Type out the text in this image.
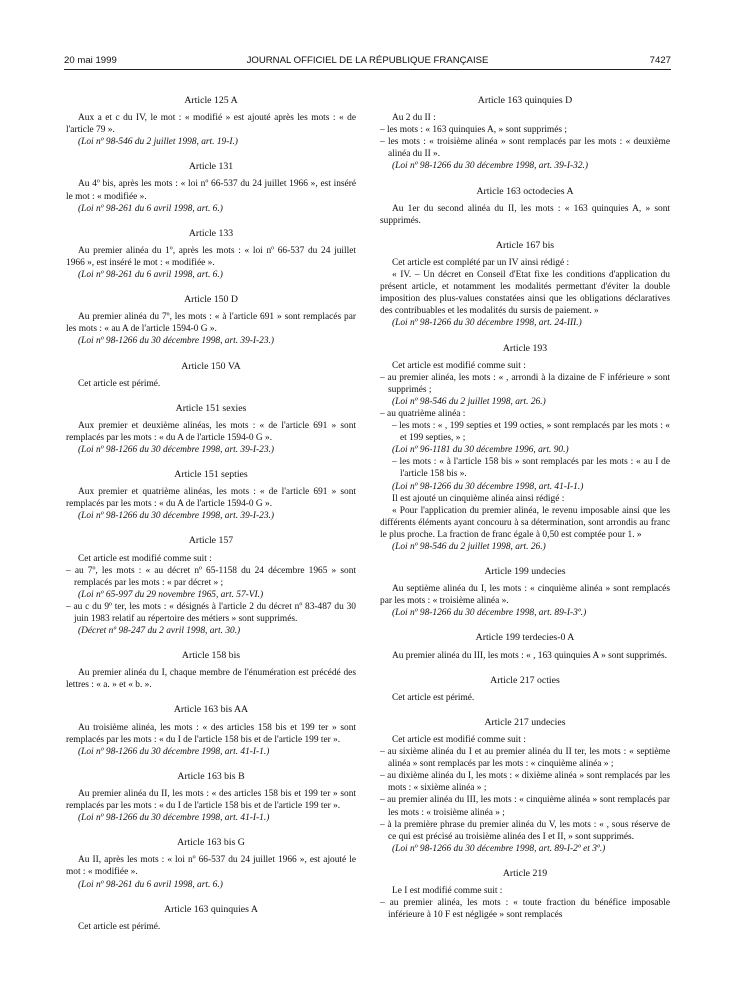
20 mai 1999	JOURNAL OFFICIEL DE LA RÉPUBLIQUE FRANÇAISE	7427
Article 125 A

Aux a et c du IV, le mot : « modifié » est ajouté après les mots : « de l'article 79 ».

(Loi nº 98-546 du 2 juillet 1998, art. 19-I.)

Article 131

Au 4º bis, après les mots : « loi nº 66-537 du 24 juillet 1966 », est inséré le mot : « modifiée ».

(Loi nº 98-261 du 6 avril 1998, art. 6.)

Article 133

Au premier alinéa du 1º, après les mots : « loi nº 66-537 du 24 juillet 1966 », est inséré le mot : « modifiée ».

(Loi nº 98-261 du 6 avril 1998, art. 6.)

Article 150 D

Au premier alinéa du 7º, les mots : « à l'article 691 » sont remplacés par les mots : « au A de l'article 1594-0 G ».

(Loi nº 98-1266 du 30 décembre 1998, art. 39-I-23.)

Article 150 VA

Cet article est périmé.

Article 151 sexies

Aux premier et deuxième alinéas, les mots : « de l'article 691 » sont remplacés par les mots : « du A de l'article 1594-0 G ».

(Loi nº 98-1266 du 30 décembre 1998, art. 39-I-23.)

Article 151 septies

Aux premier et quatrième alinéas, les mots : « de l'article 691 » sont remplacés par les mots : « du A de l'article 1594-0 G ».

(Loi nº 98-1266 du 30 décembre 1998, art. 39-I-23.)

Article 157

Cet article est modifié comme suit :

– au 7º, les mots : « au décret nº 65-1158 du 24 décembre 1965 » sont remplacés par les mots : « par décret » ;

(Loi nº 65-997 du 29 novembre 1965, art. 57-VI.)

– au c du 9º ter, les mots : « désignés à l'article 2 du décret nº 83-487 du 30 juin 1983 relatif au répertoire des métiers » sont supprimés.

(Décret nº 98-247 du 2 avril 1998, art. 30.)

Article 158 bis

Au premier alinéa du I, chaque membre de l'énumération est précédé des lettres : « a. » et « b. ».

Article 163 bis AA

Au troisième alinéa, les mots : « des articles 158 bis et 199 ter » sont remplacés par les mots : « du I de l'article 158 bis et de l'article 199 ter ».

(Loi nº 98-1266 du 30 décembre 1998, art. 41-I-1.)

Article 163 bis B

Au premier alinéa du II, les mots : « des articles 158 bis et 199 ter » sont remplacés par les mots : « du I de l'article 158 bis et de l'article 199 ter ».

(Loi nº 98-1266 du 30 décembre 1998, art. 41-I-1.)

Article 163 bis G

Au II, après les mots : « loi nº 66-537 du 24 juillet 1966 », est ajouté le mot : « modifiée ».

(Loi nº 98-261 du 6 avril 1998, art. 6.)

Article 163 quinquies A

Cet article est périmé.

Article 163 quinquies D

Au 2 du II :

– les mots : « 163 quinquies A, » sont supprimés ;

– les mots : « troisième alinéa » sont remplacés par les mots : « deuxième alinéa du II ».

(Loi nº 98-1266 du 30 décembre 1998, art. 39-I-32.)

Article 163 octodecies A

Au 1er du second alinéa du II, les mots : « 163 quinquies A, » sont supprimés.

Article 167 bis

Cet article est complété par un IV ainsi rédigé :

« IV. – Un décret en Conseil d'Etat fixe les conditions d'application du présent article, et notamment les modalités permettant d'éviter la double imposition des plus-values constatées ainsi que les obligations déclaratives des contribuables et les modalités du sursis de paiement. »

(Loi nº 98-1266 du 30 décembre 1998, art. 24-III.)

Article 193

Cet article est modifié comme suit :

– au premier alinéa, les mots : « , arrondi à la dizaine de F inférieure » sont supprimés ;

(Loi nº 98-546 du 2 juillet 1998, art. 26.)

– au quatrième alinéa :

– les mots : « , 199 septies et 199 octies, » sont remplacés par les mots : « et 199 septies, » ;

(Loi nº 96-1181 du 30 décembre 1996, art. 90.)

– les mots : « à l'article 158 bis » sont remplacés par les mots : « au I de l'article 158 bis ».

(Loi nº 98-1266 du 30 décembre 1998, art. 41-I-1.)

Il est ajouté un cinquième alinéa ainsi rédigé :

« Pour l'application du premier alinéa, le revenu imposable ainsi que les différents éléments ayant concouru à sa détermination, sont arrondis au franc le plus proche. La fraction de franc égale à 0,50 est comptée pour 1. »

(Loi nº 98-546 du 2 juillet 1998, art. 26.)

Article 199 undecies

Au septième alinéa du I, les mots : « cinquième alinéa » sont remplacés par les mots : « troisième alinéa ».

(Loi nº 98-1266 du 30 décembre 1998, art. 89-I-3º.)

Article 199 terdecies-0 A

Au premier alinéa du III, les mots : « , 163 quinquies A » sont supprimés.

Article 217 octies

Cet article est périmé.

Article 217 undecies

Cet article est modifié comme suit :

– au sixième alinéa du I et au premier alinéa du II ter, les mots : « septième alinéa » sont remplacés par les mots : « cinquième alinéa » ;

– au dixième alinéa du I, les mots : « dixième alinéa » sont remplacés par les mots : « sixième alinéa » ;

– au premier alinéa du III, les mots : « cinquième alinéa » sont remplacés par les mots : « troisième alinéa » ;

– à la première phrase du premier alinéa du V, les mots : « , sous réserve de ce qui est précisé au troisième alinéa des I et II, » sont supprimés.

(Loi nº 98-1266 du 30 décembre 1998, art. 89-I-2º et 3º.)

Article 219

Le I est modifié comme suit :

– au premier alinéa, les mots : « toute fraction du bénéfice imposable inférieure à 10 F est négligée » sont remplacés
